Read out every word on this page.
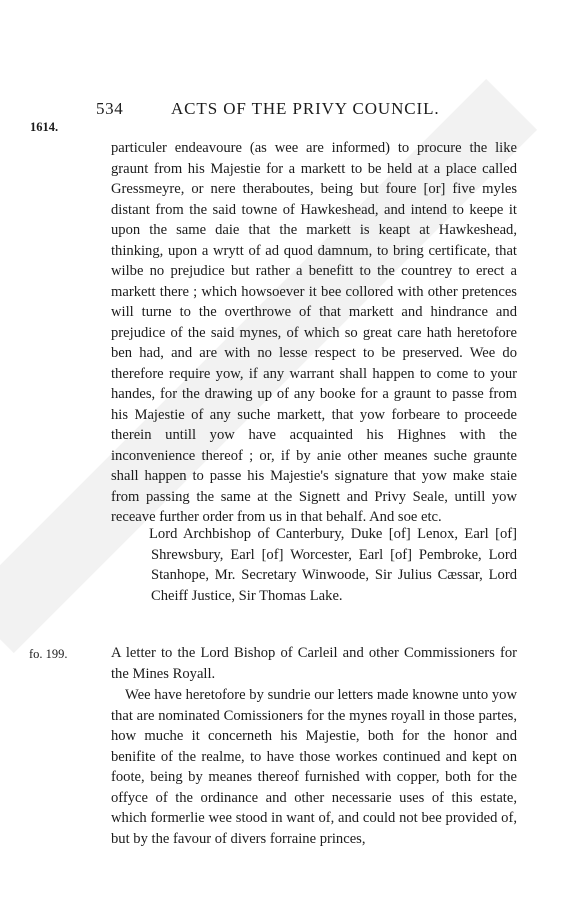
534	ACTS OF THE PRIVY COUNCIL.
1614.
particuler endeavoure (as wee are informed) to procure the like graunt from his Majestie for a markett to be held at a place called Gressmeyre, or nere theraboutes, being but foure [or] five myles distant from the said towne of Hawkeshead, and intend to keepe it upon the same daie that the markett is keapt at Hawkeshead, thinking, upon a wrytt of ad quod damnum, to bring certificate, that wilbe no prejudice but rather a benefitt to the countrey to erect a markett there ; which howsoever it bee collored with other pretences will turne to the overthrowe of that markett and hindrance and prejudice of the said mynes, of which so great care hath heretofore ben had, and are with no lesse respect to be preserved. Wee do therefore require yow, if any warrant shall happen to come to your handes, for the drawing up of any booke for a graunt to passe from his Majestie of any suche markett, that yow forbeare to proceede therein untill yow have acquainted his Highnes with the inconvenience thereof ; or, if by anie other meanes suche graunte shall happen to passe his Majestie's signature that yow make staie from passing the same at the Signett and Privy Seale, untill yow receave further order from us in that behalf. And soe etc.
Lord Archbishop of Canterbury, Duke [of] Lenox, Earl [of] Shrewsbury, Earl [of] Worcester, Earl [of] Pembroke, Lord Stanhope, Mr. Secretary Winwoode, Sir Julius Cæssar, Lord Cheiff Justice, Sir Thomas Lake.
fo. 199.	A letter to the Lord Bishop of Carleil and other Commissioners for the Mines Royall.
Wee have heretofore by sundrie our letters made knowne unto yow that are nominated Comissioners for the mynes royall in those partes, how muche it concerneth his Majestie, both for the honor and benifite of the realme, to have those workes continued and kept on foote, being by meanes thereof furnished with copper, both for the offyce of the ordinance and other necessarie uses of this estate, which formerlie wee stood in want of, and could not bee provided of, but by the favour of divers forraine princes,
